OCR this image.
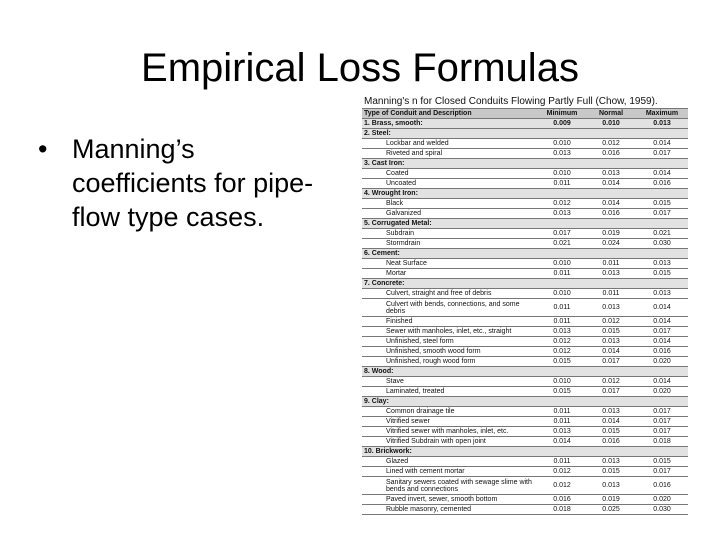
Empirical Loss Formulas
• Manning’s coefficients for pipe-flow type cases.
Manning's n for Closed Conduits Flowing Partly Full (Chow, 1959).
Type of Conduit and Description	Minimum	Normal	Maximum
1. Brass, smooth:	0.009	0.010	0.013
2. Steel:			
Lockbar and welded	0.010	0.012	0.014
Riveted and spiral	0.013	0.016	0.017
3. Cast Iron:			
Coated	0.010	0.013	0.014
Uncoated	0.011	0.014	0.016
4. Wrought Iron:			
Black	0.012	0.014	0.015
Galvanized	0.013	0.016	0.017
5. Corrugated Metal:			
Subdrain	0.017	0.019	0.021
Stormdrain	0.021	0.024	0.030
6. Cement:			
Neat Surface	0.010	0.011	0.013
Mortar	0.011	0.013	0.015
7. Concrete:			
Culvert, straight and free of debris	0.010	0.011	0.013
Culvert with bends, connections, and some debris	0.011	0.013	0.014
Finished	0.011	0.012	0.014
Sewer with manholes, inlet, etc., straight	0.013	0.015	0.017
Unfinished, steel form	0.012	0.013	0.014
Unfinished, smooth wood form	0.012	0.014	0.016
Unfinished, rough wood form	0.015	0.017	0.020
8. Wood:			
Stave	0.010	0.012	0.014
Laminated, treated	0.015	0.017	0.020
9. Clay:			
Common drainage tile	0.011	0.013	0.017
Vitrified sewer	0.011	0.014	0.017
Vitrified sewer with manholes, inlet, etc.	0.013	0.015	0.017
Vitrified Subdrain with open joint	0.014	0.016	0.018
10. Brickwork:			
Glazed	0.011	0.013	0.015
Lined with cement mortar	0.012	0.015	0.017
Sanitary sewers coated with sewage slime with bends and connections	0.012	0.013	0.016
Paved invert, sewer, smooth bottom	0.016	0.019	0.020
Rubble masonry, cemented	0.018	0.025	0.030
